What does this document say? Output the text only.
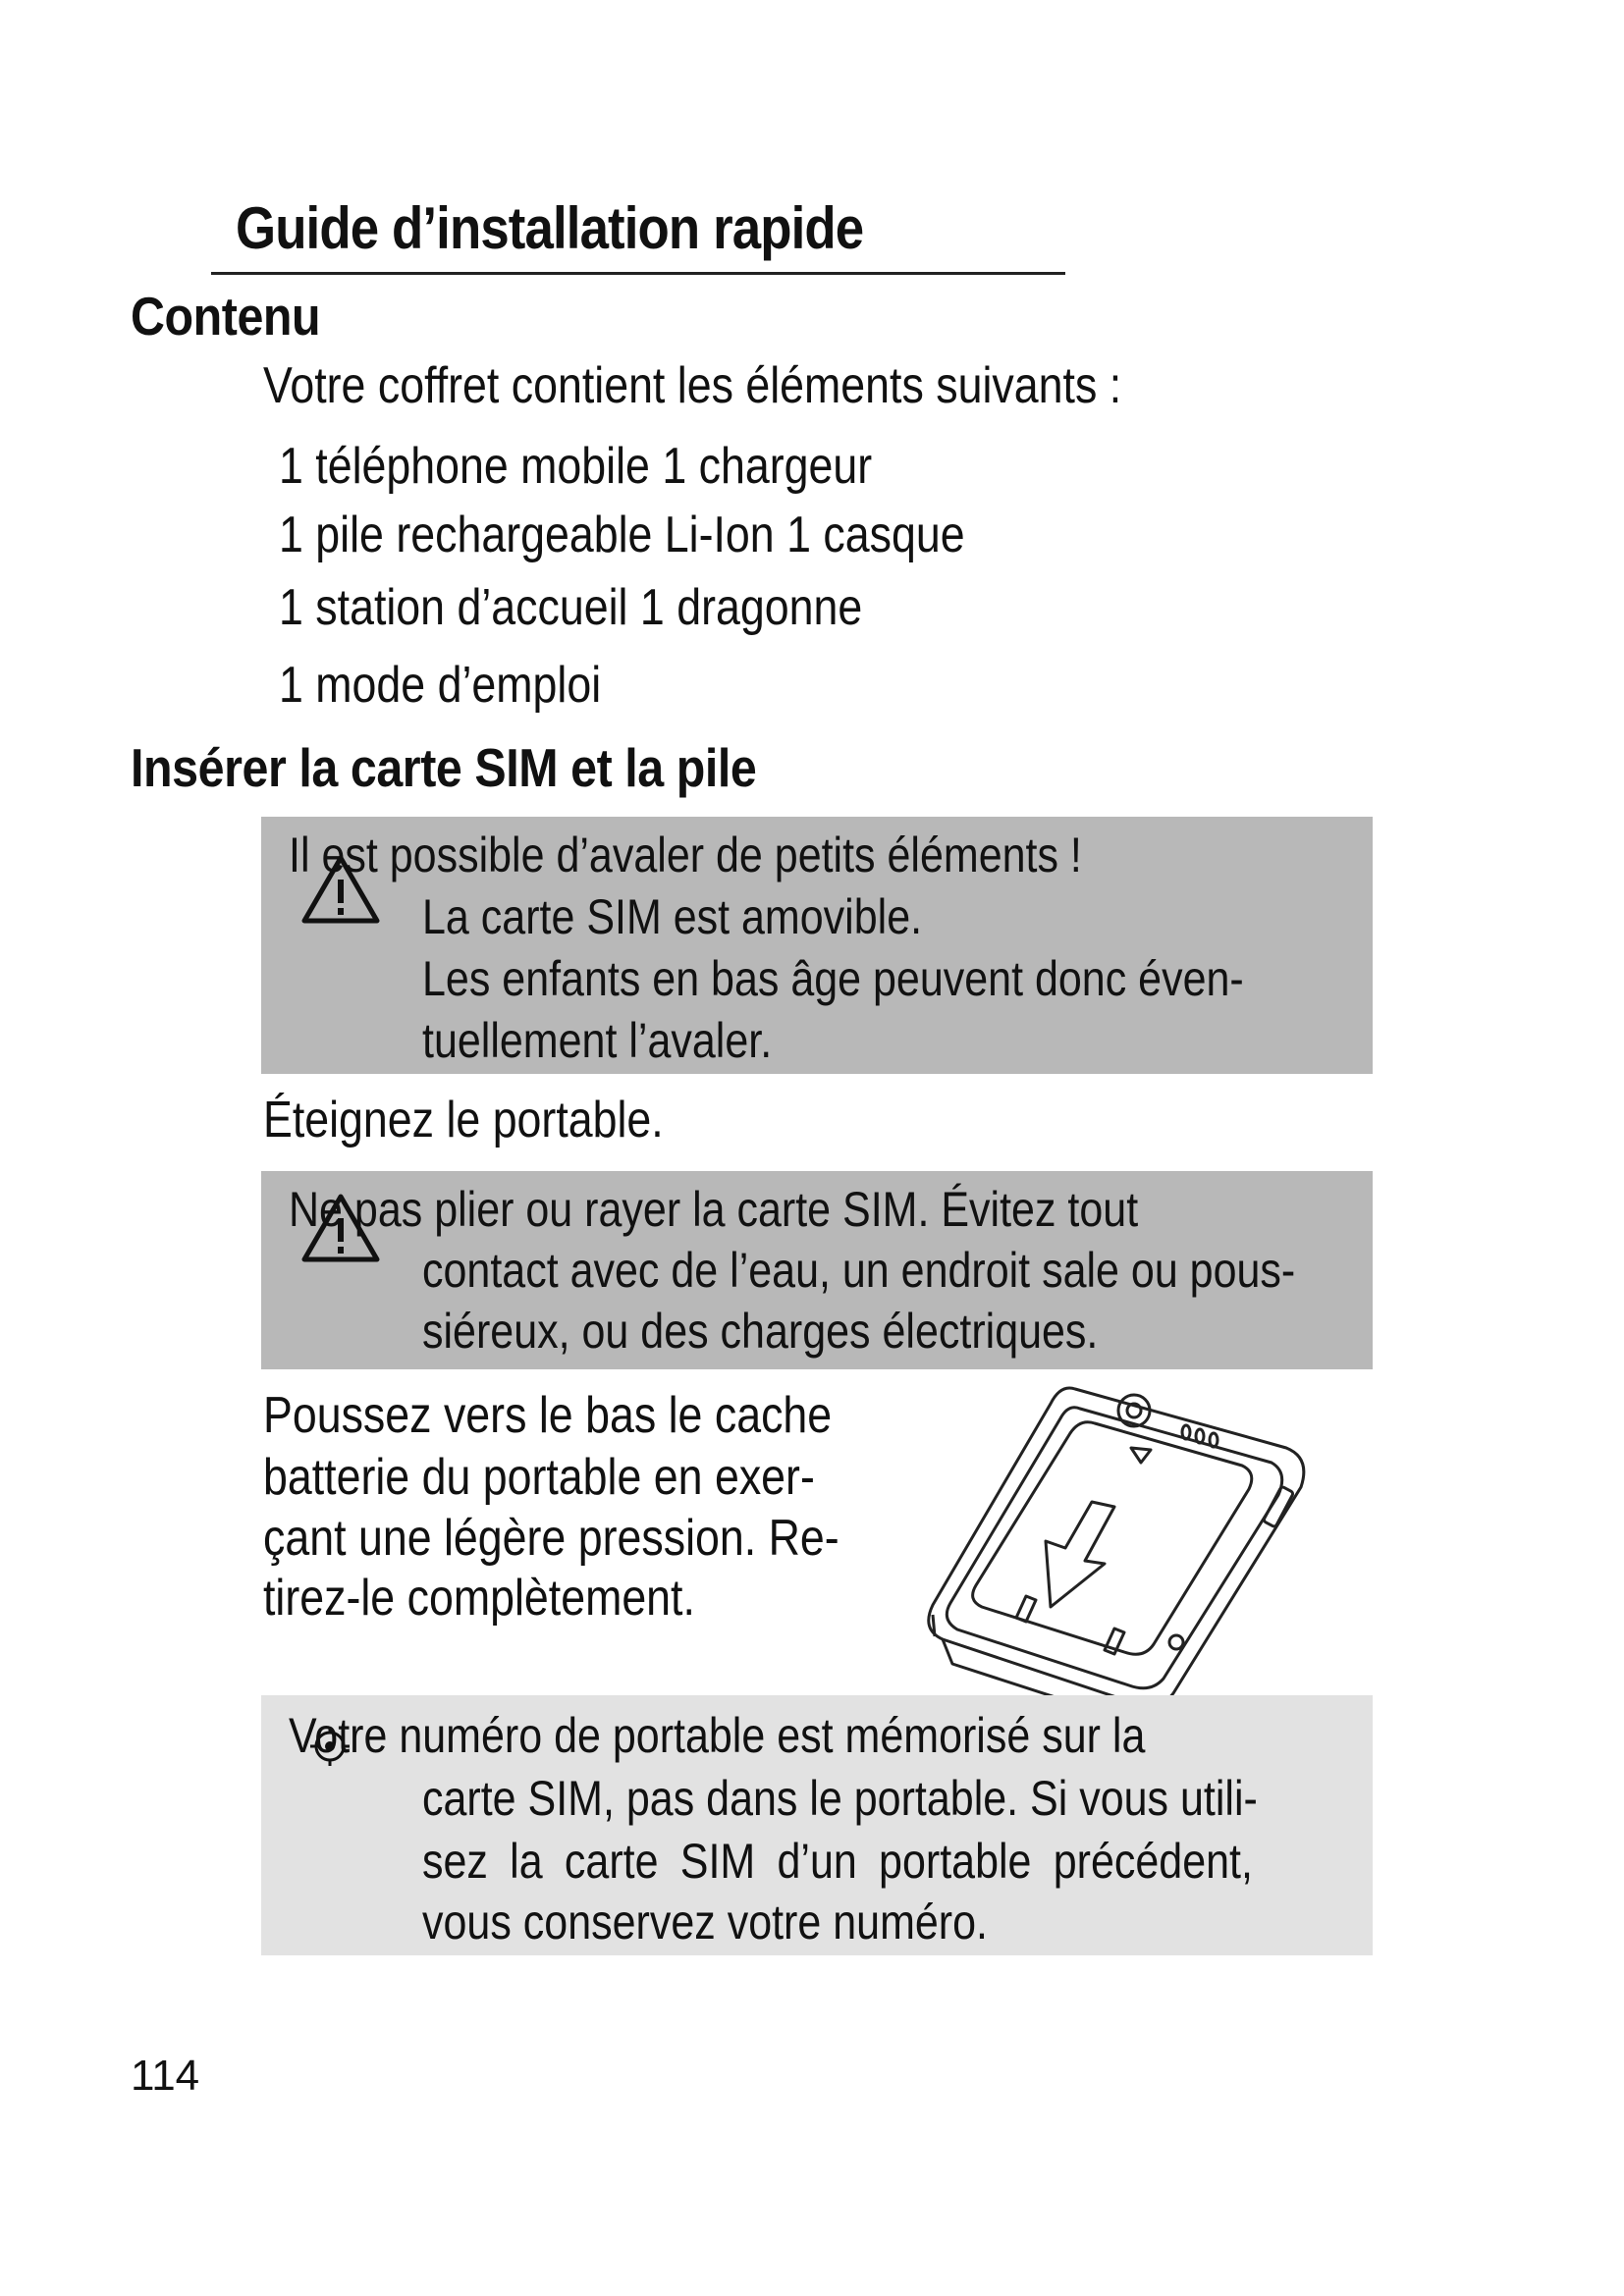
Guide d’installation rapide
Contenu

Votre coffret contient les éléments suivants :

1 téléphone mobile 1 chargeur

1 pile rechargeable Li-Ion 1 casque

1 station d’accueil 1 dragonne

1 mode d’emploi

Insérer la carte SIM et la pile

Il est possible d’avaler de petits éléments !

La carte SIM est amovible.

Les enfants en bas âge peuvent donc éven-

tuellement l’avaler.

Éteignez le portable.

Ne pas plier ou rayer la carte SIM. Évitez tout

contact avec de l’eau, un endroit sale ou pous-

siéreux, ou des charges électriques.

Poussez vers le bas le cache

batterie du portable en exer-

çant une légère pression. Re-

tirez-le complètement.

Votre numéro de portable est mémorisé sur la

carte SIM, pas dans le portable. Si vous utili-

sez la carte SIM d’un portable précédent,

vous conservez votre numéro.

114
